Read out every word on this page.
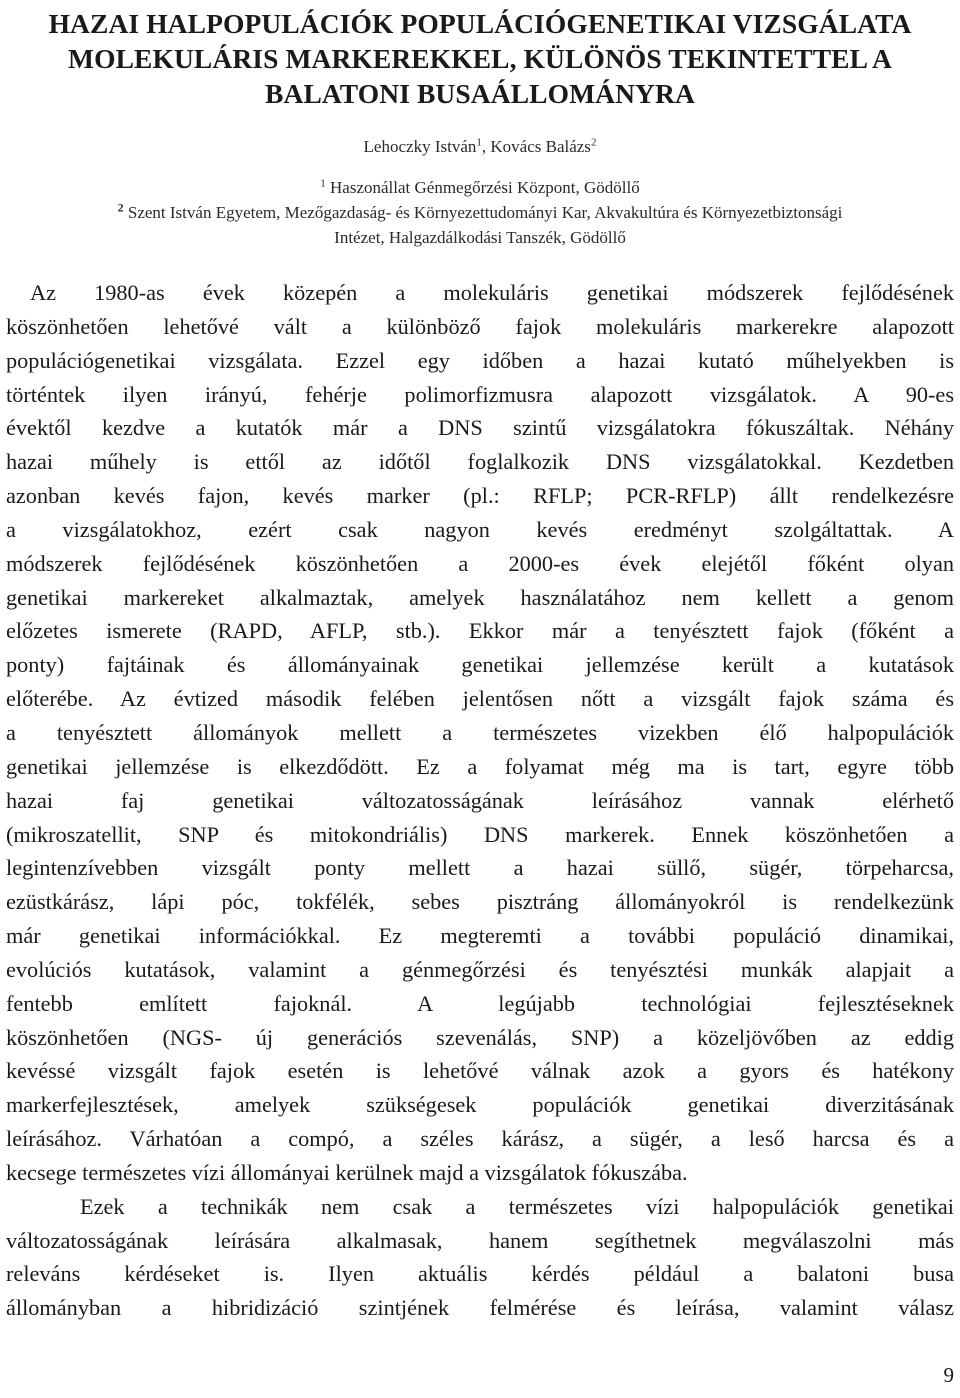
HAZAI HALPOPULÁCIÓK POPULÁCIÓGENETIKAI VIZSGÁLATA
MOLEKULÁRIS MARKEREKKEL, KÜLÖNÖS TEKINTETTEL A
BALATONI BUSAÁLLOMÁNYRA
Lehoczky István$^1$, Kovács Balázs$^2$
$^1$ Haszonállat Génmegőrzési Központ, Gödöllő
$^2$ Szent István Egyetem, Mezőgazdaság- és Környezettudományi Kar, Akvakultúra és Környezetbiztonsági
Intézet, Halgazdálkodási Tanszék, Gödöllő
Az 1980-as évek közepén a molekuláris genetikai módszerek fejlődésének
köszönhetően lehetővé vált a különböző fajok molekuláris markerekre alapozott
populációgenetikai vizsgálata. Ezzel egy időben a hazai kutató műhelyekben is
történtek ilyen irányú, fehérje polimorfizmusra alapozott vizsgálatok. A 90-es
évektől kezdve a kutatók már a DNS szintű vizsgálatokra fókuszáltak. Néhány
hazai műhely is ettől az időtől foglalkozik DNS vizsgálatokkal. Kezdetben
azonban kevés fajon, kevés marker (pl.: RFLP; PCR-RFLP) állt rendelkezésre
a vizsgálatokhoz, ezért csak nagyon kevés eredményt szolgáltattak. A
módszerek fejlődésének köszönhetően a 2000-es évek elejétől főként olyan
genetikai markereket alkalmaztak, amelyek használatához nem kellett a genom
előzetes ismerete (RAPD, AFLP, stb.). Ekkor már a tenyésztett fajok (főként a
ponty) fajtáinak és állományainak genetikai jellemzése került a kutatások
előterébe. Az évtized második felében jelentősen nőtt a vizsgált fajok száma és
a tenyésztett állományok mellett a természetes vizekben élő halpopulációk
genetikai jellemzése is elkezdődött. Ez a folyamat még ma is tart, egyre több
hazai faj genetikai változatosságának leírásához vannak elérhető
(mikroszatellit, SNP és mitokondriális) DNS markerek. Ennek köszönhetően a
legintenzívebben vizsgált ponty mellett a hazai süllő, sügér, törpeharcsa,
ezüstkárász, lápi póc, tokfélék, sebes pisztráng állományokról is rendelkezünk
már genetikai információkkal. Ez megteremti a további populáció dinamikai,
evolúciós kutatások, valamint a génmegőrzési és tenyésztési munkák alapjait a
fentebb említett fajoknál. A legújabb technológiai fejlesztéseknek
köszönhetően (NGS- új generációs szevenálás, SNP) a közeljövőben az eddig
kevéssé vizsgált fajok esetén is lehetővé válnak azok a gyors és hatékony
markerfejlesztések, amelyek szükségesek populációk genetikai diverzitásának
leírásához. Várhatóan a compó, a széles kárász, a sügér, a leső harcsa és a
kecsege természetes vízi állományai kerülnek majd a vizsgálatok fókuszába.
Ezek a technikák nem csak a természetes vízi halpopulációk genetikai
változatosságának leírására alkalmasak, hanem segíthetnek megválaszolni más
releváns kérdéseket is. Ilyen aktuális kérdés például a balatoni busa
állományban a hibridizáció szintjének felmérése és leírása, valamint válasz
9
